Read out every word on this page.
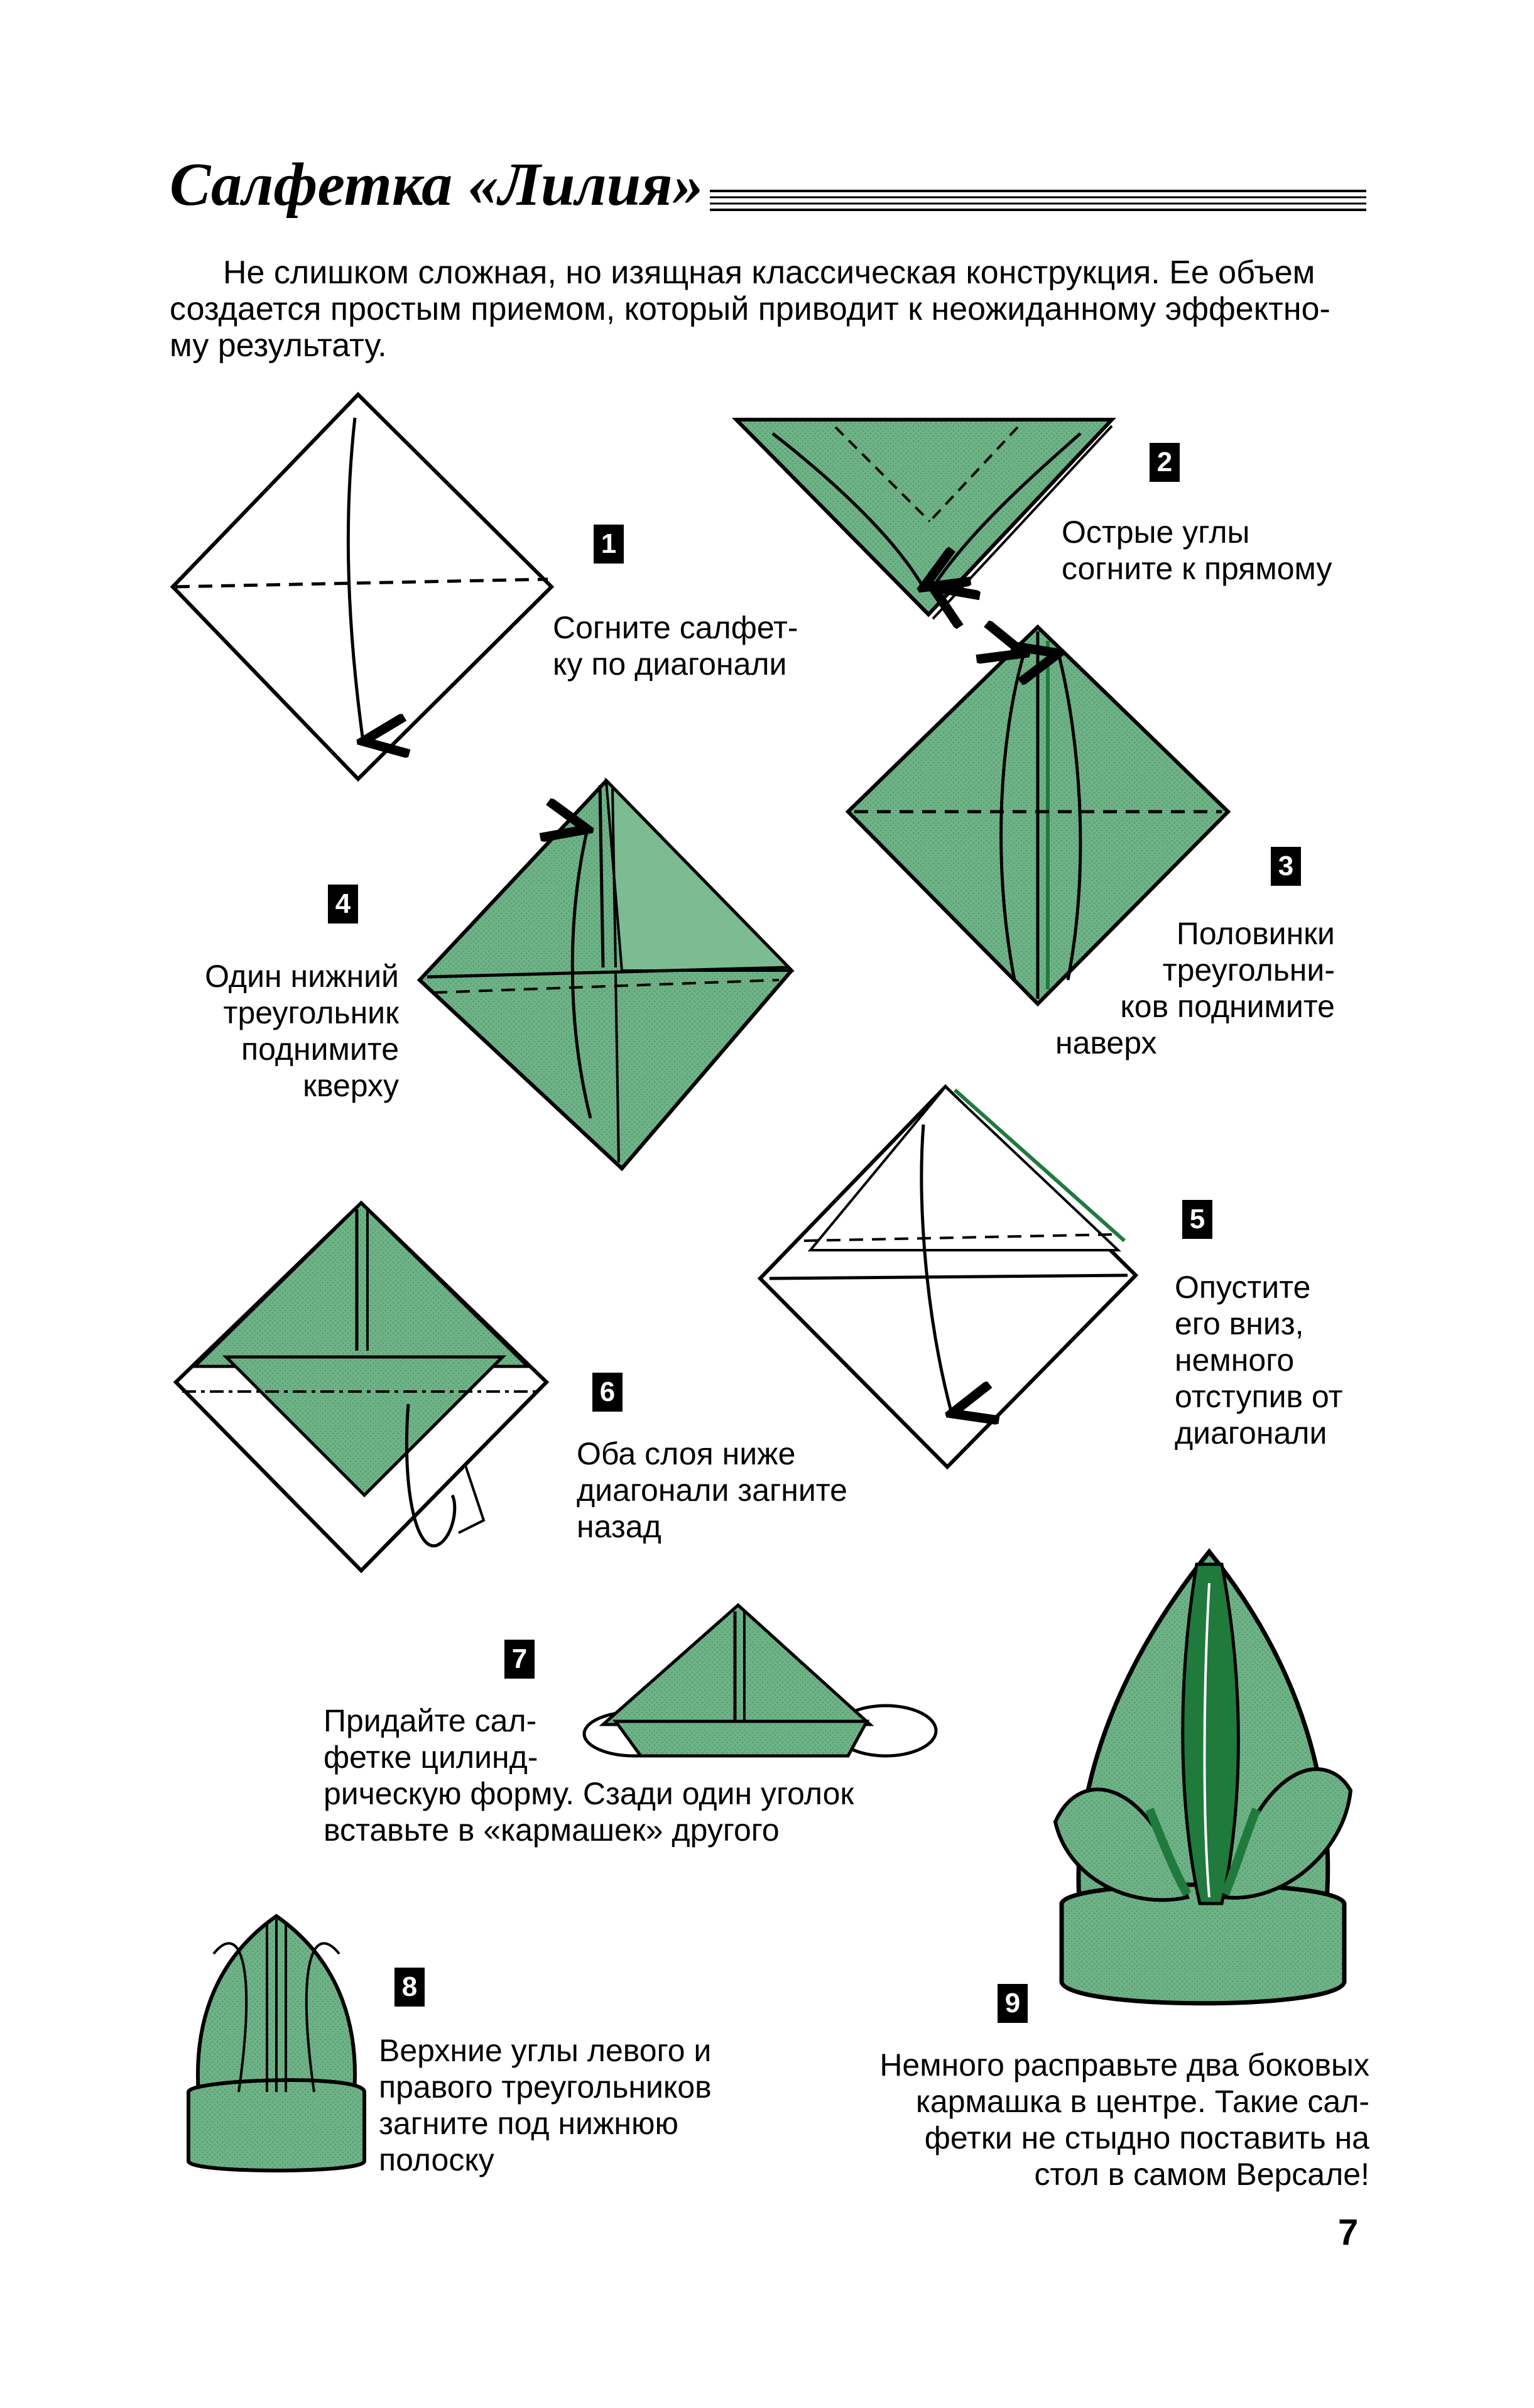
Салфетка «Лилия»

Не слишком сложная, но изящная классическая конструкция. Ее объем

создается простым приемом, который приводит к неожиданному эффектно-

му результату.

1

Согните салфет-

ку по диагонали

2

Острые углы

согните к прямому

3

Половинки

треугольни-

ков поднимите

наверх

4

Один нижний

треугольник

поднимите

кверху

5

Опустите

его вниз,

немного

отступив от

диагонали

6

Оба слоя ниже

диагонали загните

назад

7

Придайте сал-

фетке цилинд-

рическую форму. Сзади один уголок

вставьте в «кармашек» другого

8

Верхние углы левого и

правого треугольников

загните под нижнюю

полоску

9

Немного расправьте два боковых

кармашка в центре. Такие сал-

фетки не стыдно поставить на

стол в самом Версале!

7
